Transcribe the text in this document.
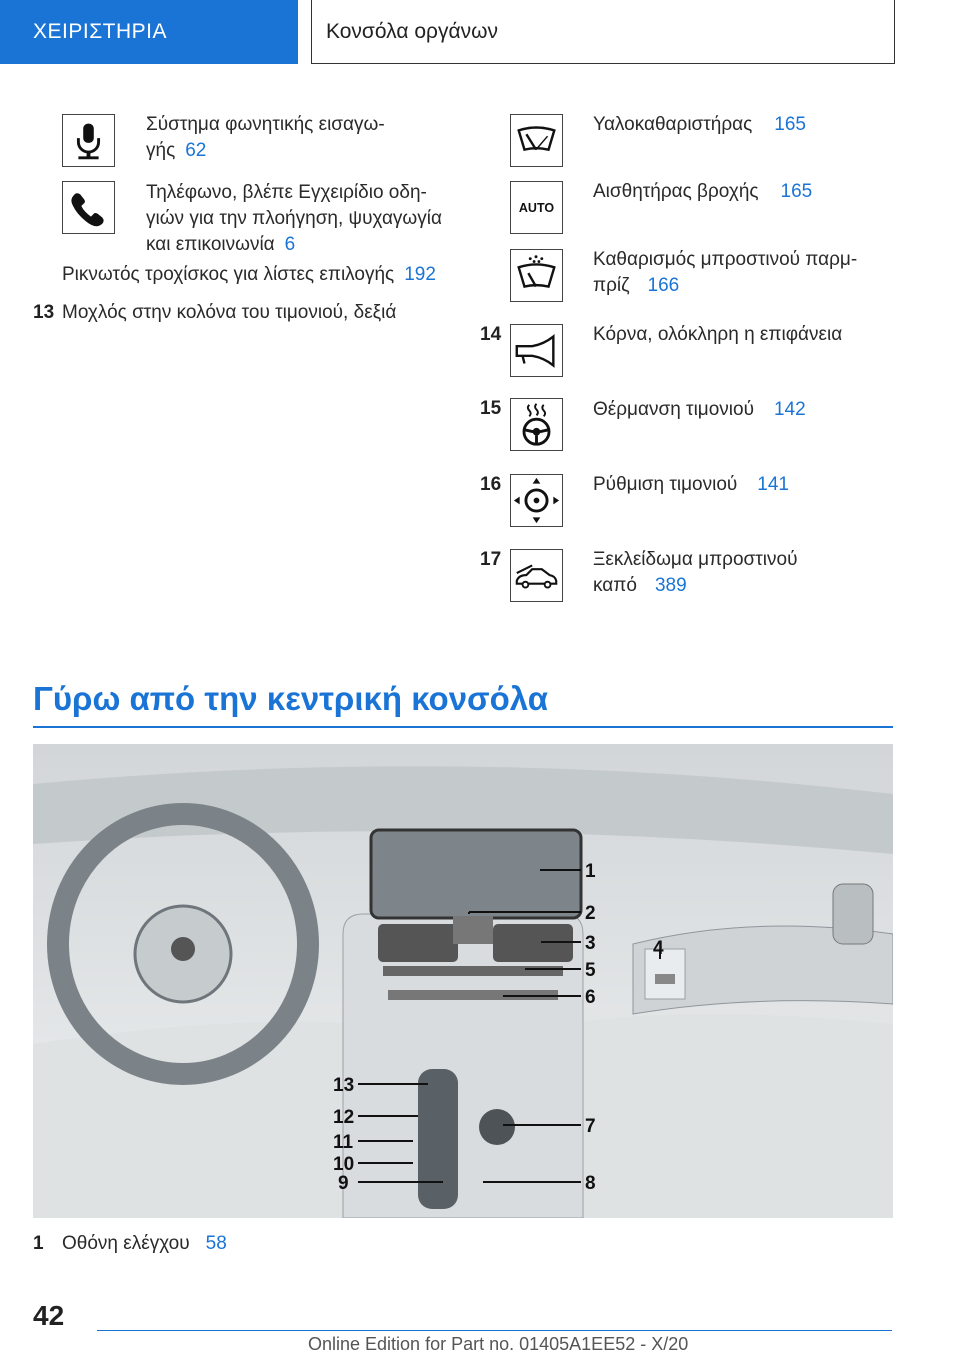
ΧΕΙΡΙΣΤΗΡΙΑ	Κονσόλα οργάνων
Σύστημα φωνητικής εισαγω-
γής 62
Τηλέφωνο, βλέπε Εγχειρίδιο οδη-
γιών για την πλοήγηση, ψυχαγωγία
και επικοινωνία 6
Ρικνωτός τροχίσκος για λίστες επιλογής 192
13 Μοχλός στην κολόνα του τιμονιού, δεξιά
Υαλοκαθαριστήρας 165
AUTO
Αισθητήρας βροχής 165
Καθαρισμός μπροστινού παρμ-
πρίζ 166
14	Κόρνα, ολόκληρη η επιφάνεια
15	Θέρμανση τιμονιού 142
16	Ρύθμιση τιμονιού 141
17	Ξεκλείδωμα μπροστινού
καπό 389
Γύρω από την κεντρική κονσόλα
1
2
3	4
5
6
7
8
9
10
11
12
13
1 Οθόνη ελέγχου 58
42
Online Edition for Part no. 01405A1EE52 - X/20
